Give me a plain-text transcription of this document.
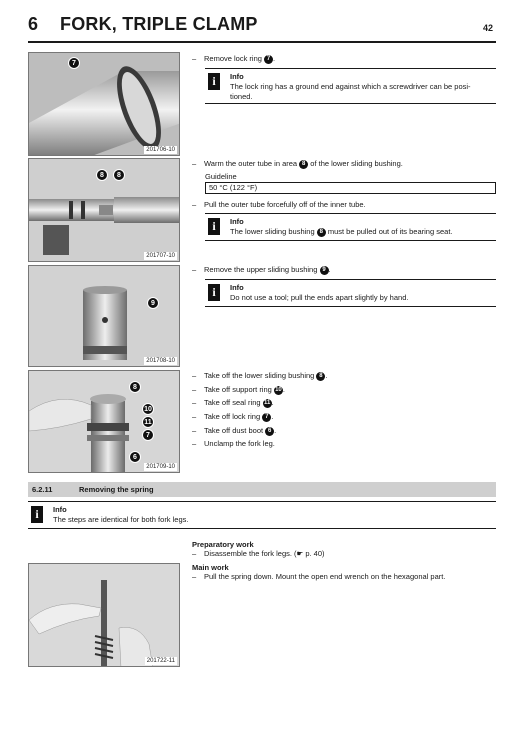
6 FORK, TRIPLE CLAMP	42
7
201706-10
8	8
201707-10
9
201708-10
8
10
11
7
6
201709-10
201722-11
– Remove lock ring 7 .
i	Info
The lock ring has a ground end against which a screwdriver can be posi-
tioned.
– Warm the outer tube in area 8 of the lower sliding bushing.
Guideline
50 °C (122 °F)
– Pull the outer tube forcefully off of the inner tube.
i	Info
The lower sliding bushing 8 must be pulled out of its bearing seat.
– Remove the upper sliding bushing 9 .
i	Info
Do not use a tool; pull the ends apart slightly by hand.
– Take off the lower sliding bushing 8 .
– Take off support ring 10.
– Take off seal ring 11.
– Take off lock ring 7 .
– Take off dust boot 6 .
– Unclamp the fork leg.
6.2.11	Removing the spring
i	Info
The steps are identical for both fork legs.
Preparatory work
– Disassemble the fork legs. (☛ p. 40)
Main work
– Pull the spring down. Mount the open end wrench on the hexagonal part.
